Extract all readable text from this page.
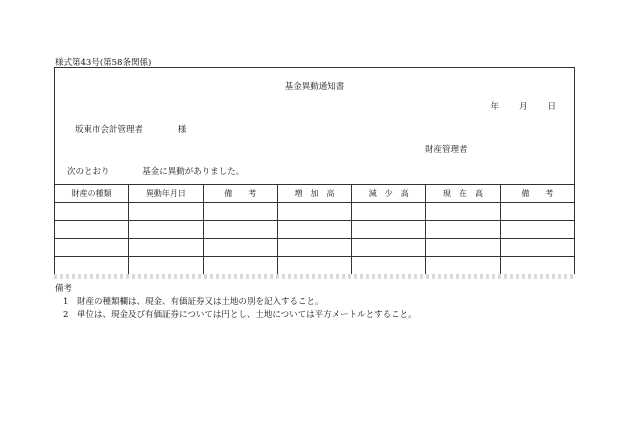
様式第43号(第58条関係)
基金異動通知書
年 月 日
坂東市会計管理者	様
財産管理者
次のとおり	基金に異動がありました。
財産の種類	異動年月日	備　　考	増　加　高	減　少　高	現　在　高	備　　考

備考
1 財産の種類欄は、現金、有価証券又は土地の別を記入すること。
2 単位は、現金及び有価証券については円とし、土地については平方メートルとすること。
